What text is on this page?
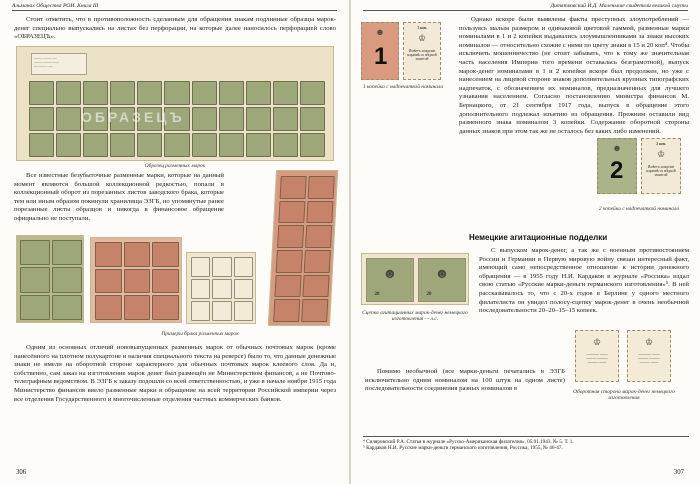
Альманах Общества РОИ. Книга III

Стоит отметить, что в противоположность сделанным для обращения знакам подлинные образцы марок-денег специально выпускались на листах без перфорации, на которые далее наносилось перфорацией слово «ОБРАЗЕЦЪ».

──── ──── ──
──── ──── ───
── ──── ──
ОБРАЗЕЦЪ
Образец разменных марок

Все известные безубыточные разменные марки, которые на данный момент являются большой коллекционной редкостью, попали в коллекционный оборот из порезанных листов заводского брака, которые тем или иным образом покинули хранилища ЭЗГБ, но упомянутые ранее порезанные листы образцов и никогда в финансовое обращение официально не поступали.

Примеры брака разменных марок

Одним из основных отличий нововыпущенных разменных марок от обычных почтовых марок (кроме нанесённого на плотном полукартоне и наличия специального текста на реверсе) было то, что данные денежные знаки не имели на оборотной стороне характерного для обычных почтовых марок клеевого слоя. Да и, собственно, сам заказ на изготовление марок денег был размещён не Министерством финансов, а не Почтово-телеграфным ведомством. В ЭЗГБ к заказу подошли со всей ответственностью, и уже в начале ноября 1915 года Министерство финансов ввело разменные марки в обращение на всей территории Российской империи через все отделения Государственного и многочисленные отделения частных коммерческих банков.

306
Дитятковский И.Д. Маленькие свидетели великой смуты
☻
1
1 коп.
♔
Имѣетъ хожденіе наравнѣ съ мѣдной монетой
1 копейка с надпечаткой номинала

Однако вскоре были выявлены факты преступных злоупотреблений — пользуясь малым размером и одинаковой цветовой гаммой, разменные марки номиналами в 1 и 2 копейки выдавались злоумышленниками за знаки высоких номиналов — относительно схожие с ними по цвету знаки в 15 и 20 коп⁴. Чтобы исключить мошенничество (не стоит забывать, что к тому же значительная часть населения Империи того времени оставалась безграмотной), выпуск марок-денег номиналами в 1 и 2 копейки вскоре был продолжен, но уже с нанесением на лицевой стороне знаков дополнительных крупных типографских надпечаток, с обозначением их номиналов, предназначенных для лучшего узнавания населением. Согласно постановлению министра финансов М. Бернацкого, от 21 сентября 1917 года, выпуск в обращение этого дополнительного подлежал изъятию из обращения. Прежним оставили вид разменного знака номиналом 3 копейки. Содержание оборотной стороны данных знаков при этом так же не осталось без каких либо изменений.

☻
2
2 коп.
♔
Имѣетъ хожденіе наравнѣ съ мѣдной монетой
2 копейки с надпечаткой номинала
Немецкие агитационные подделки
☻
20
☻
20
Сцепка агитационных марок-денег немецкого изготовления — л.с.

С выпуском марок-денег, а так же с военным противостоянием России и Германии в Первую мировую войну связан интересный факт, имеющий само непосредственное отношение к истории денежного обращения — в 1955 году Н.И. Кардаков в журнале «Россика» издал свою статью «Русские марки-деньги германского изготовления»⁵. В ней рассказывалось то, что с 20-х годов в Берлине у одного местного филателиста он увидел полосу-сцепку марок-денег в очень необычной последовательности 20–20–15–15 копеек.

Помимо необычной (все марки-деньги печатались в ЭЗГБ исключительно одним номиналом на 100 штук на одном листе) последовательности соединения разных номиналов в

♔
───── ───
──── ────
──── ───
♔
───── ───
──── ────
──── ───
Оборотная сторона марок-денег немецкого изготовления
⁴ Силяровский Р.А. Статья в журнале «Русско-Американская филателия», 05.01.1943. № 5. Т. 1.
⁵ Кардаков Н.И. Русские марки-деньги германского изготовления, Россика, 1955, № 46-47.
307
